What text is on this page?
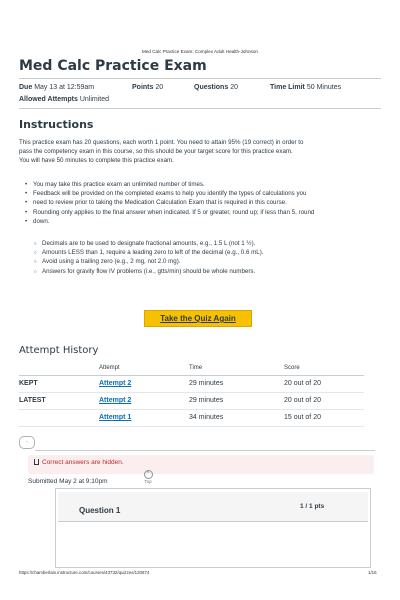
Med Calc Practice Exam: Complex Adult Health-Johnson
Med Calc Practice Exam
Due May 13 at 12:59am	Points 20	Questions 20	Time Limit 50 Minutes
Allowed Attempts Unlimited
Instructions
This practice exam has 20 questions, each worth 1 point. You need to attain 95% (19 correct) in order to
pass the competency exam in this course, so this should be your target score for this practice exam.
You will have 50 minutes to complete this practice exam.
• You may take this practice exam an unlimited number of times.
• Feedback will be provided on the completed exams to help you identify the types of calculations you
• need to review prior to taking the Medication Calculation Exam that is required in this course.
• Rounding only applies to the final answer when indicated. If 5 or greater, round up; if less than 5, round
• down.
○ Decimals are to be used to designate fractional amounts, e.g., 1.5 L (not 1 ½).
○ Amounts LESS than 1, require a leading zero to left of the decimal (e.g., 0.6 mL).
○ Avoid using a trailing zero (e.g., 2 mg, not 2.0 mg).
○ Answers for gravity flow IV problems (i.e., gtts/min) should be whole numbers.
Take the Quiz Again
Attempt History
	Attempt	Time	Score
KEPT	Attempt 2	29 minutes	20 out of 20
LATEST	Attempt 2	29 minutes	20 out of 20
	Attempt 1	34 minutes	15 out of 20
·
Correct answers are hidden.
^
Top
Submitted May 2 at 9:10pm
Question 1	1 / 1 pts
https://chamberlain.instructure.com/courses/43732/quizzes/120874	1/16
